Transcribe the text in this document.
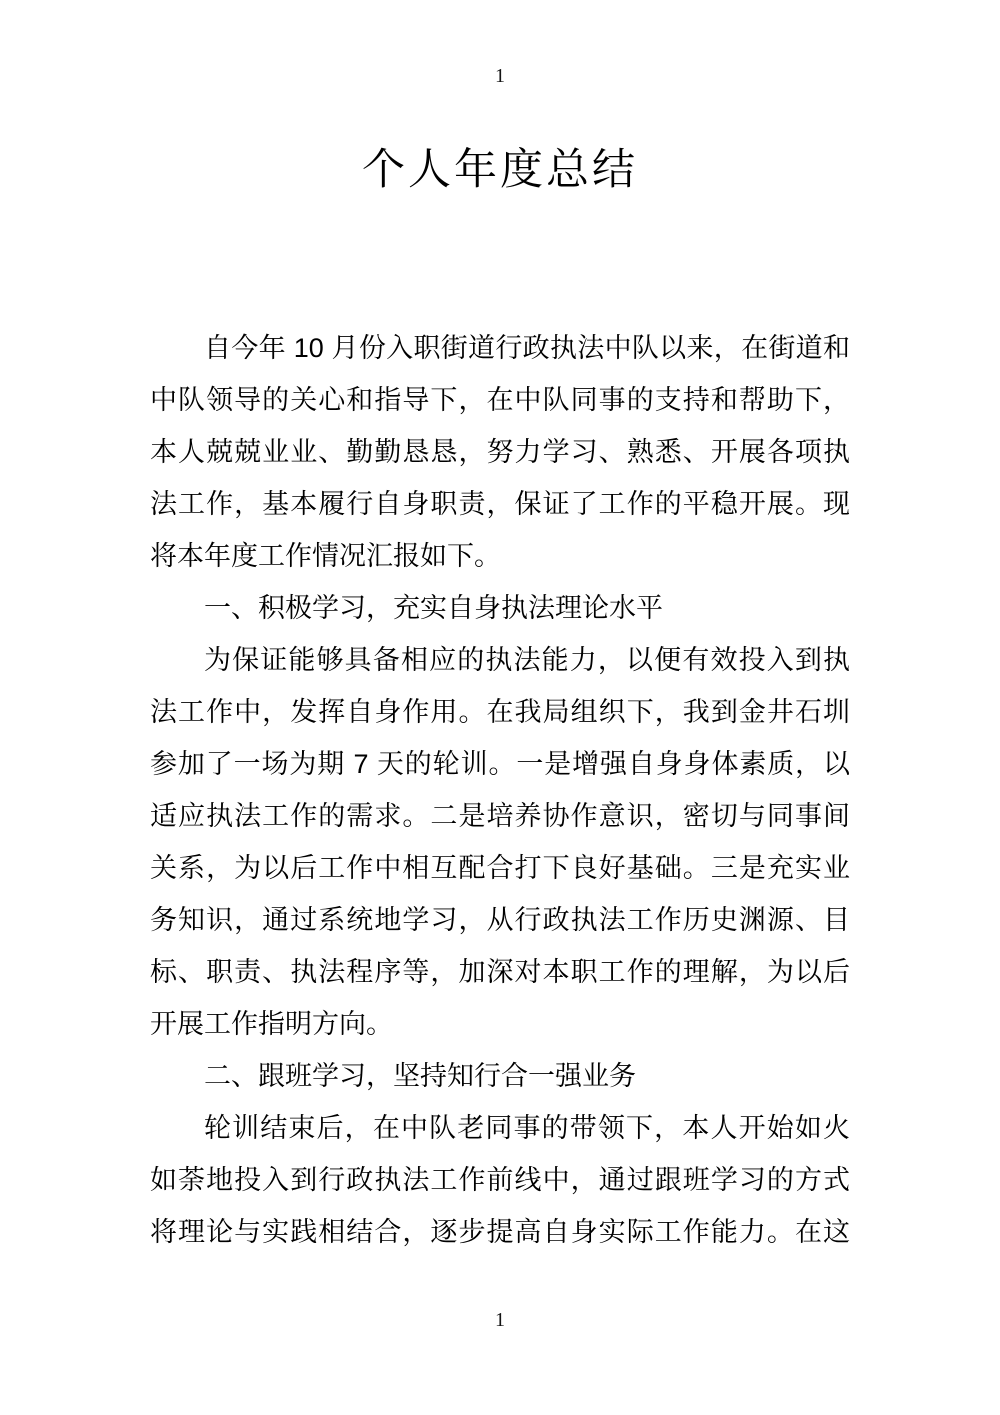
1
个人年度总结
自今年 10 月份入职街道行政执法中队以来，在街道和
中队领导的关心和指导下，在中队同事的支持和帮助下，
本人兢兢业业、勤勤恳恳，努力学习、熟悉、开展各项执
法工作，基本履行自身职责，保证了工作的平稳开展。现
将本年度工作情况汇报如下。
一、积极学习，充实自身执法理论水平
为保证能够具备相应的执法能力，以便有效投入到执
法工作中，发挥自身作用。在我局组织下，我到金井石圳
参加了一场为期 7 天的轮训。一是增强自身身体素质，以
适应执法工作的需求。二是培养协作意识，密切与同事间
关系，为以后工作中相互配合打下良好基础。三是充实业
务知识，通过系统地学习，从行政执法工作历史渊源、目
标、职责、执法程序等，加深对本职工作的理解，为以后
开展工作指明方向。
二、跟班学习，坚持知行合一强业务
轮训结束后，在中队老同事的带领下，本人开始如火
如荼地投入到行政执法工作前线中，通过跟班学习的方式
将理论与实践相结合，逐步提高自身实际工作能力。在这
1
